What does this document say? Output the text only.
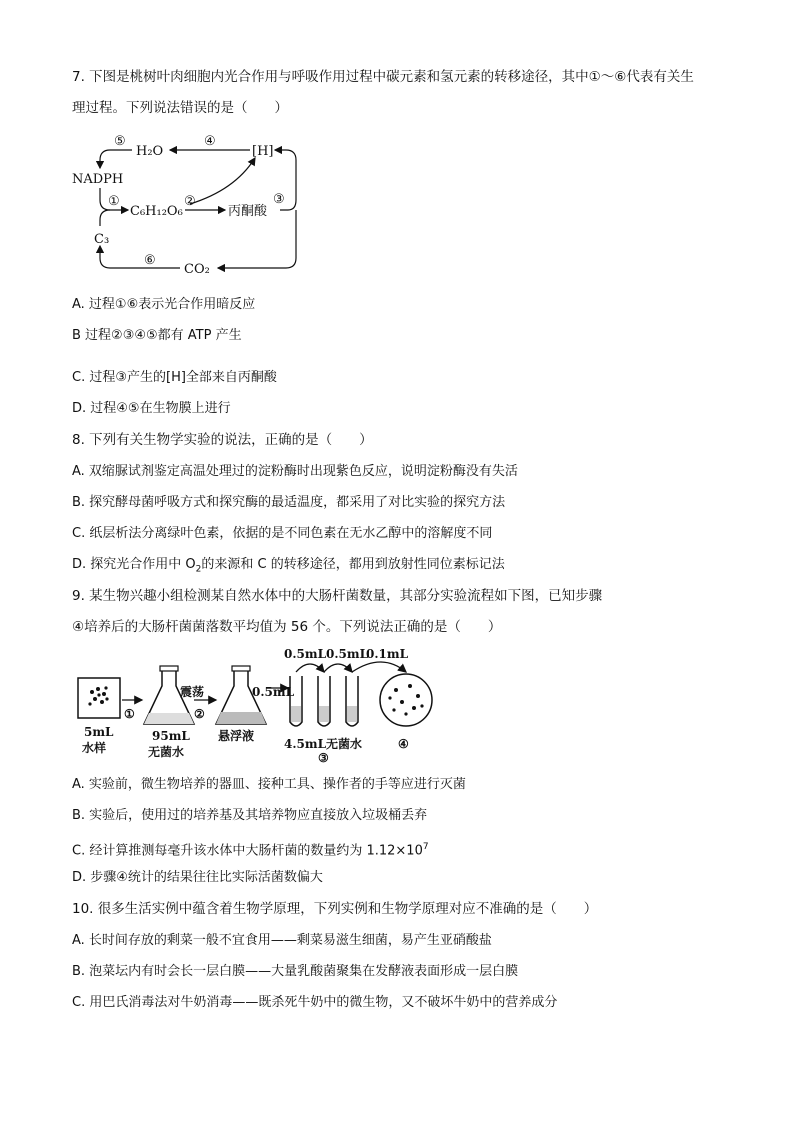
7. 下图是桃树叶肉细胞内光合作用与呼吸作用过程中碳元素和氢元素的转移途径，其中①～⑥代表有关生
理过程。下列说法错误的是（　　）
⑤
H₂O
④
[H]
NADPH
①
C₆H₁₂O₆
②
丙酮酸
③
C₃
⑥
CO₂
A. 过程①⑥表示光合作用暗反应
B 过程②③④⑤都有 ATP 产生
C. 过程③产生的[H]全部来自丙酮酸
D. 过程④⑤在生物膜上进行
8. 下列有关生物学实验的说法，正确的是（　　）
A. 双缩脲试剂鉴定高温处理过的淀粉酶时出现紫色反应，说明淀粉酶没有失活
B. 探究酵母菌呼吸方式和探究酶的最适温度，都采用了对比实验的探究方法
C. 纸层析法分离绿叶色素，依据的是不同色素在无水乙醇中的溶解度不同
D. 探究光合作用中 $O_2$的来源和 C 的转移途径，都用到放射性同位素标记法
9. 某生物兴趣小组检测某自然水体中的大肠杆菌数量，其部分实验流程如下图，已知步骤
④培养后的大肠杆菌菌落数平均值为 56 个。下列说法正确的是（　　）
0.5mL 0.5mL
0.1mL
0.5mL
震荡
①	②
5mL
水样
95mL
无菌水
悬浮液
4.5mL无菌水
③
④
A. 实验前，微生物培养的器皿、接种工具、操作者的手等应进行灭菌
B. 实验后，使用过的培养基及其培养物应直接放入垃圾桶丢弃
C. 经计算推测每毫升该水体中大肠杆菌的数量约为 $1.12\times 10^7$
D. 步骤④统计的结果往往比实际活菌数偏大
10. 很多生活实例中蕴含着生物学原理，下列实例和生物学原理对应不准确的是（　　）
A. 长时间存放的剩菜一般不宜食用——剩菜易滋生细菌，易产生亚硝酸盐
B. 泡菜坛内有时会长一层白膜——大量乳酸菌聚集在发酵液表面形成一层白膜
C. 用巴氏消毒法对牛奶消毒——既杀死牛奶中的微生物，又不破坏牛奶中的营养成分
